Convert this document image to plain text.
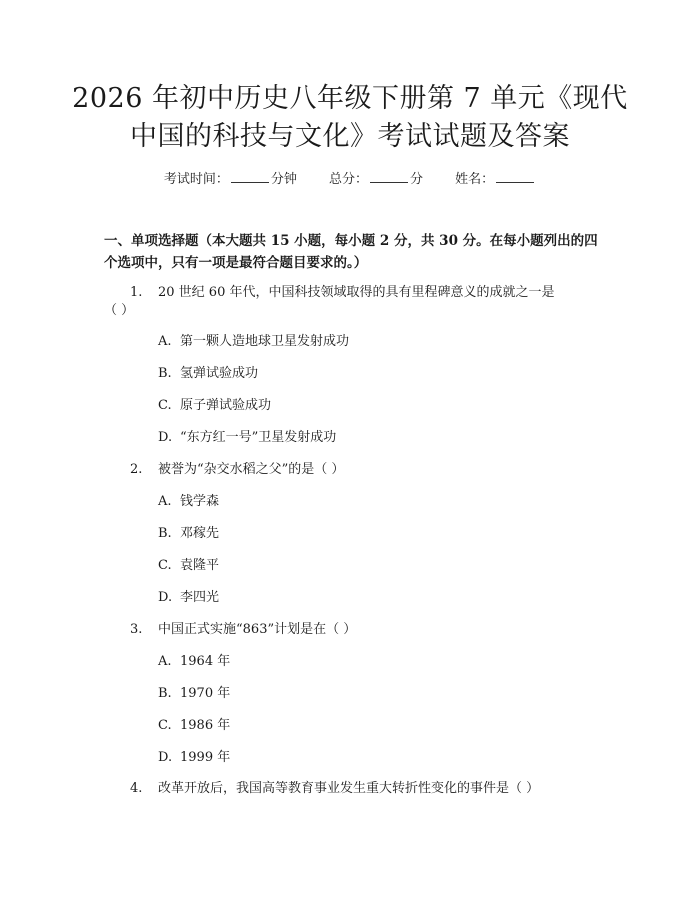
2026 年初中历史八年级下册第 7 单元《现代
中国的科技与文化》考试试题及答案
考试时间：	分钟 总分：	分 姓名：
一、单项选择题（本大题共 15 小题，每小题 2 分，共 30 分。在每小题列出的四个选项中，只有一项是最符合题目要求的。）
1. 20 世纪 60 年代，中国科技领域取得的具有里程碑意义的成就之一是
（ ）
A. 第一颗人造地球卫星发射成功
B. 氢弹试验成功
C. 原子弹试验成功
D. “东方红一号”卫星发射成功
2. 被誉为“杂交水稻之父”的是（ ）
A. 钱学森
B. 邓稼先
C. 袁隆平
D. 李四光
3. 中国正式实施“863”计划是在（ ）
A. 1964 年
B. 1970 年
C. 1986 年
D. 1999 年
4. 改革开放后，我国高等教育事业发生重大转折性变化的事件是（ ）
